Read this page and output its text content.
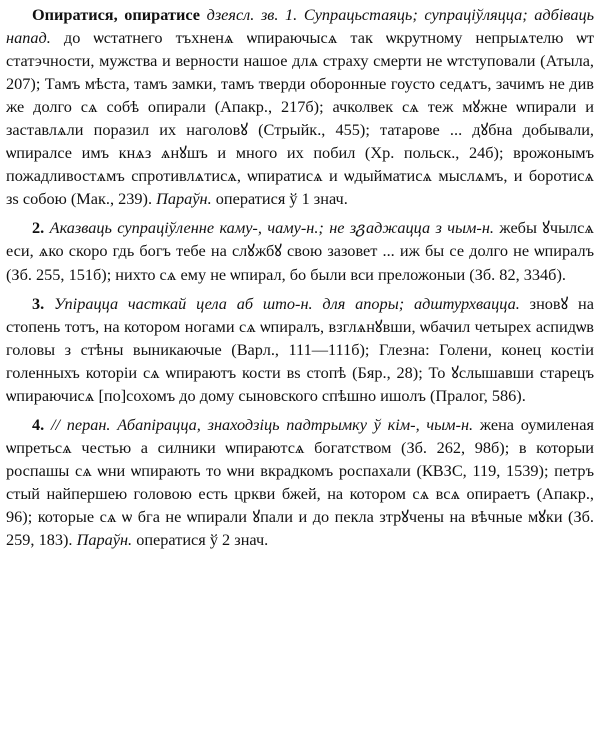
Опиратися, опиратисе дзеясл. зв. 1. Супрацьстаяць; супраціўляцца; адбіваць напад. до ѡстатнего тъхненѧ ѡпираючысѧ так ѡкрутному непрыѧтелю ѡт статэчности, мужства и верности нашое длѧ страху смерти не ѡтступовали (Атыла, 207); Тамъ мѣста, тамъ замки, тамъ тверди оборонные гоусто седѧтъ, зачимъ не див же долго сѧ собѣ опирали (Апакр., 217б); ачколвек сѧ теж мꙋжне ѡпирали и заставлѧли поразил их наголовꙋ (Стрыйк., 455); татарове ... дꙋбна добывали, ѡпиралсе имъ кнѧз ѧнꙋшъ и много их побил (Хр. польск., 24б); врожонымъ пожадливостѧмъ спротивлѧтисѧ, ѡпиратисѧ и ѡдыйматисѧ мыслѧмъ, и боротисѧ зѕ собою (Мак., 239). Параўн. оператися ў 1 знач.

2. Аказваць супраціўленне каму-, чаму-н.; не зგаджацца з чым-н. жебы ꙋчылсѧ еси, ѧко скоро гдь богъ тебе на слꙋжбꙋ свою зазовет ... иж бы се долго не ѡпиралъ (Зб. 255, 151б); нихто сѧ ему не ѡпирал, бо были вси преложоныи (Зб. 82, 334б).

3. Упірацца часткай цела аб што-н. для апоры; адштурхвацца. зновꙋ на стопень тотъ, на котором ногами сѧ ѡпиралъ, взглѧнꙋвши, ѡбачил четырех аспидѡв головы з стѣны выникаючые (Варл., 111—111б); Глезна: Голени, конец костіи голенныхъ которіи сѧ ѡпираютъ кости вѕ стопѣ (Бяр., 28); То ꙋслышавши старецъ ѡпираючисѧ [по]сохомъ до дому сыновского спѣшно ишолъ (Пралог, 586).

4. // перан. Абапірацца, знаходзіць падтрымку ў кім-, чым-н. жена оумиленая ѡпретьсѧ честью а силники ѡпираютсѧ богатством (Зб. 262, 98б); в которыи роспашы сѧ ѡни ѡпирають то ѡни вкрадкомъ роспахали (КВЗС, 119, 1539); петръ стый найпершею головою есть цркви бжей, на котором сѧ всѧ опираетъ (Апакр., 96); которые сѧ ѡ бга не ѡпирали ꙋпали и до пекла зтрꙋчены на вѣчные мꙋки (Зб. 259, 183). Параўн. оператися ў 2 знач.
